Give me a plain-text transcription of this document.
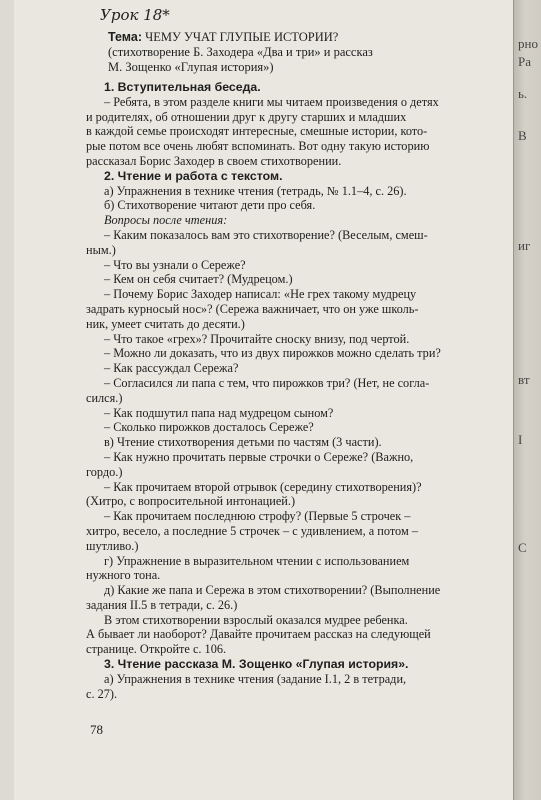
Урок 18*
Тема: ЧЕМУ УЧАТ ГЛУПЫЕ ИСТОРИИ?
(стихотворение Б. Заходера «Два и три» и рассказ
М. Зощенко «Глупая история»)

1. Вступительная беседа.

– Ребята, в этом разделе книги мы читаем произведения о детях

и родителях, об отношении друг к другу старших и младших

в каждой семье происходят интересные, смешные истории, кото-

рые потом все очень любят вспоминать. Вот одну такую историю

рассказал Борис Заходер в своем стихотворении.

2. Чтение и работа с текстом.

а) Упражнения в технике чтения (тетрадь, № 1.1–4, с. 26).

б) Стихотворение читают дети про себя.

Вопросы после чтения:

– Каким показалось вам это стихотворение? (Веселым, смеш-

ным.)

– Что вы узнали о Сереже?

– Кем он себя считает? (Мудрецом.)

– Почему Борис Заходер написал: «Не грех такому мудрецу

задрать курносый нос»? (Сережа важничает, что он уже школь-

ник, умеет считать до десяти.)

– Что такое «грех»? Прочитайте сноску внизу, под чертой.

– Можно ли доказать, что из двух пирожков можно сделать три?

– Как рассуждал Сережа?

– Согласился ли папа с тем, что пирожков три? (Нет, не согла-

сился.)

– Как подшутил папа над мудрецом сыном?

– Сколько пирожков досталось Сереже?

в) Чтение стихотворения детьми по частям (3 части).

– Как нужно прочитать первые строчки о Сереже? (Важно,

гордо.)

– Как прочитаем второй отрывок (середину стихотворения)?

(Хитро, с вопросительной интонацией.)

– Как прочитаем последнюю строфу? (Первые 5 строчек –

хитро, весело, а последние 5 строчек – с удивлением, а потом –

шутливо.)

г) Упражнение в выразительном чтении с использованием

нужного тона.

д) Какие же папа и Сережа в этом стихотворении? (Выполнение

задания II.5 в тетради, с. 26.)

В этом стихотворении взрослый оказался мудрее ребенка.

А бывает ли наоборот? Давайте прочитаем рассказ на следующей

странице. Откройте с. 106.

3. Чтение рассказа М. Зощенко «Глупая история».

а) Упражнения в технике чтения (задание I.1, 2 в тетради,

с. 27).

78
рно
Ра
ь.
В
иг
вт
I
С
